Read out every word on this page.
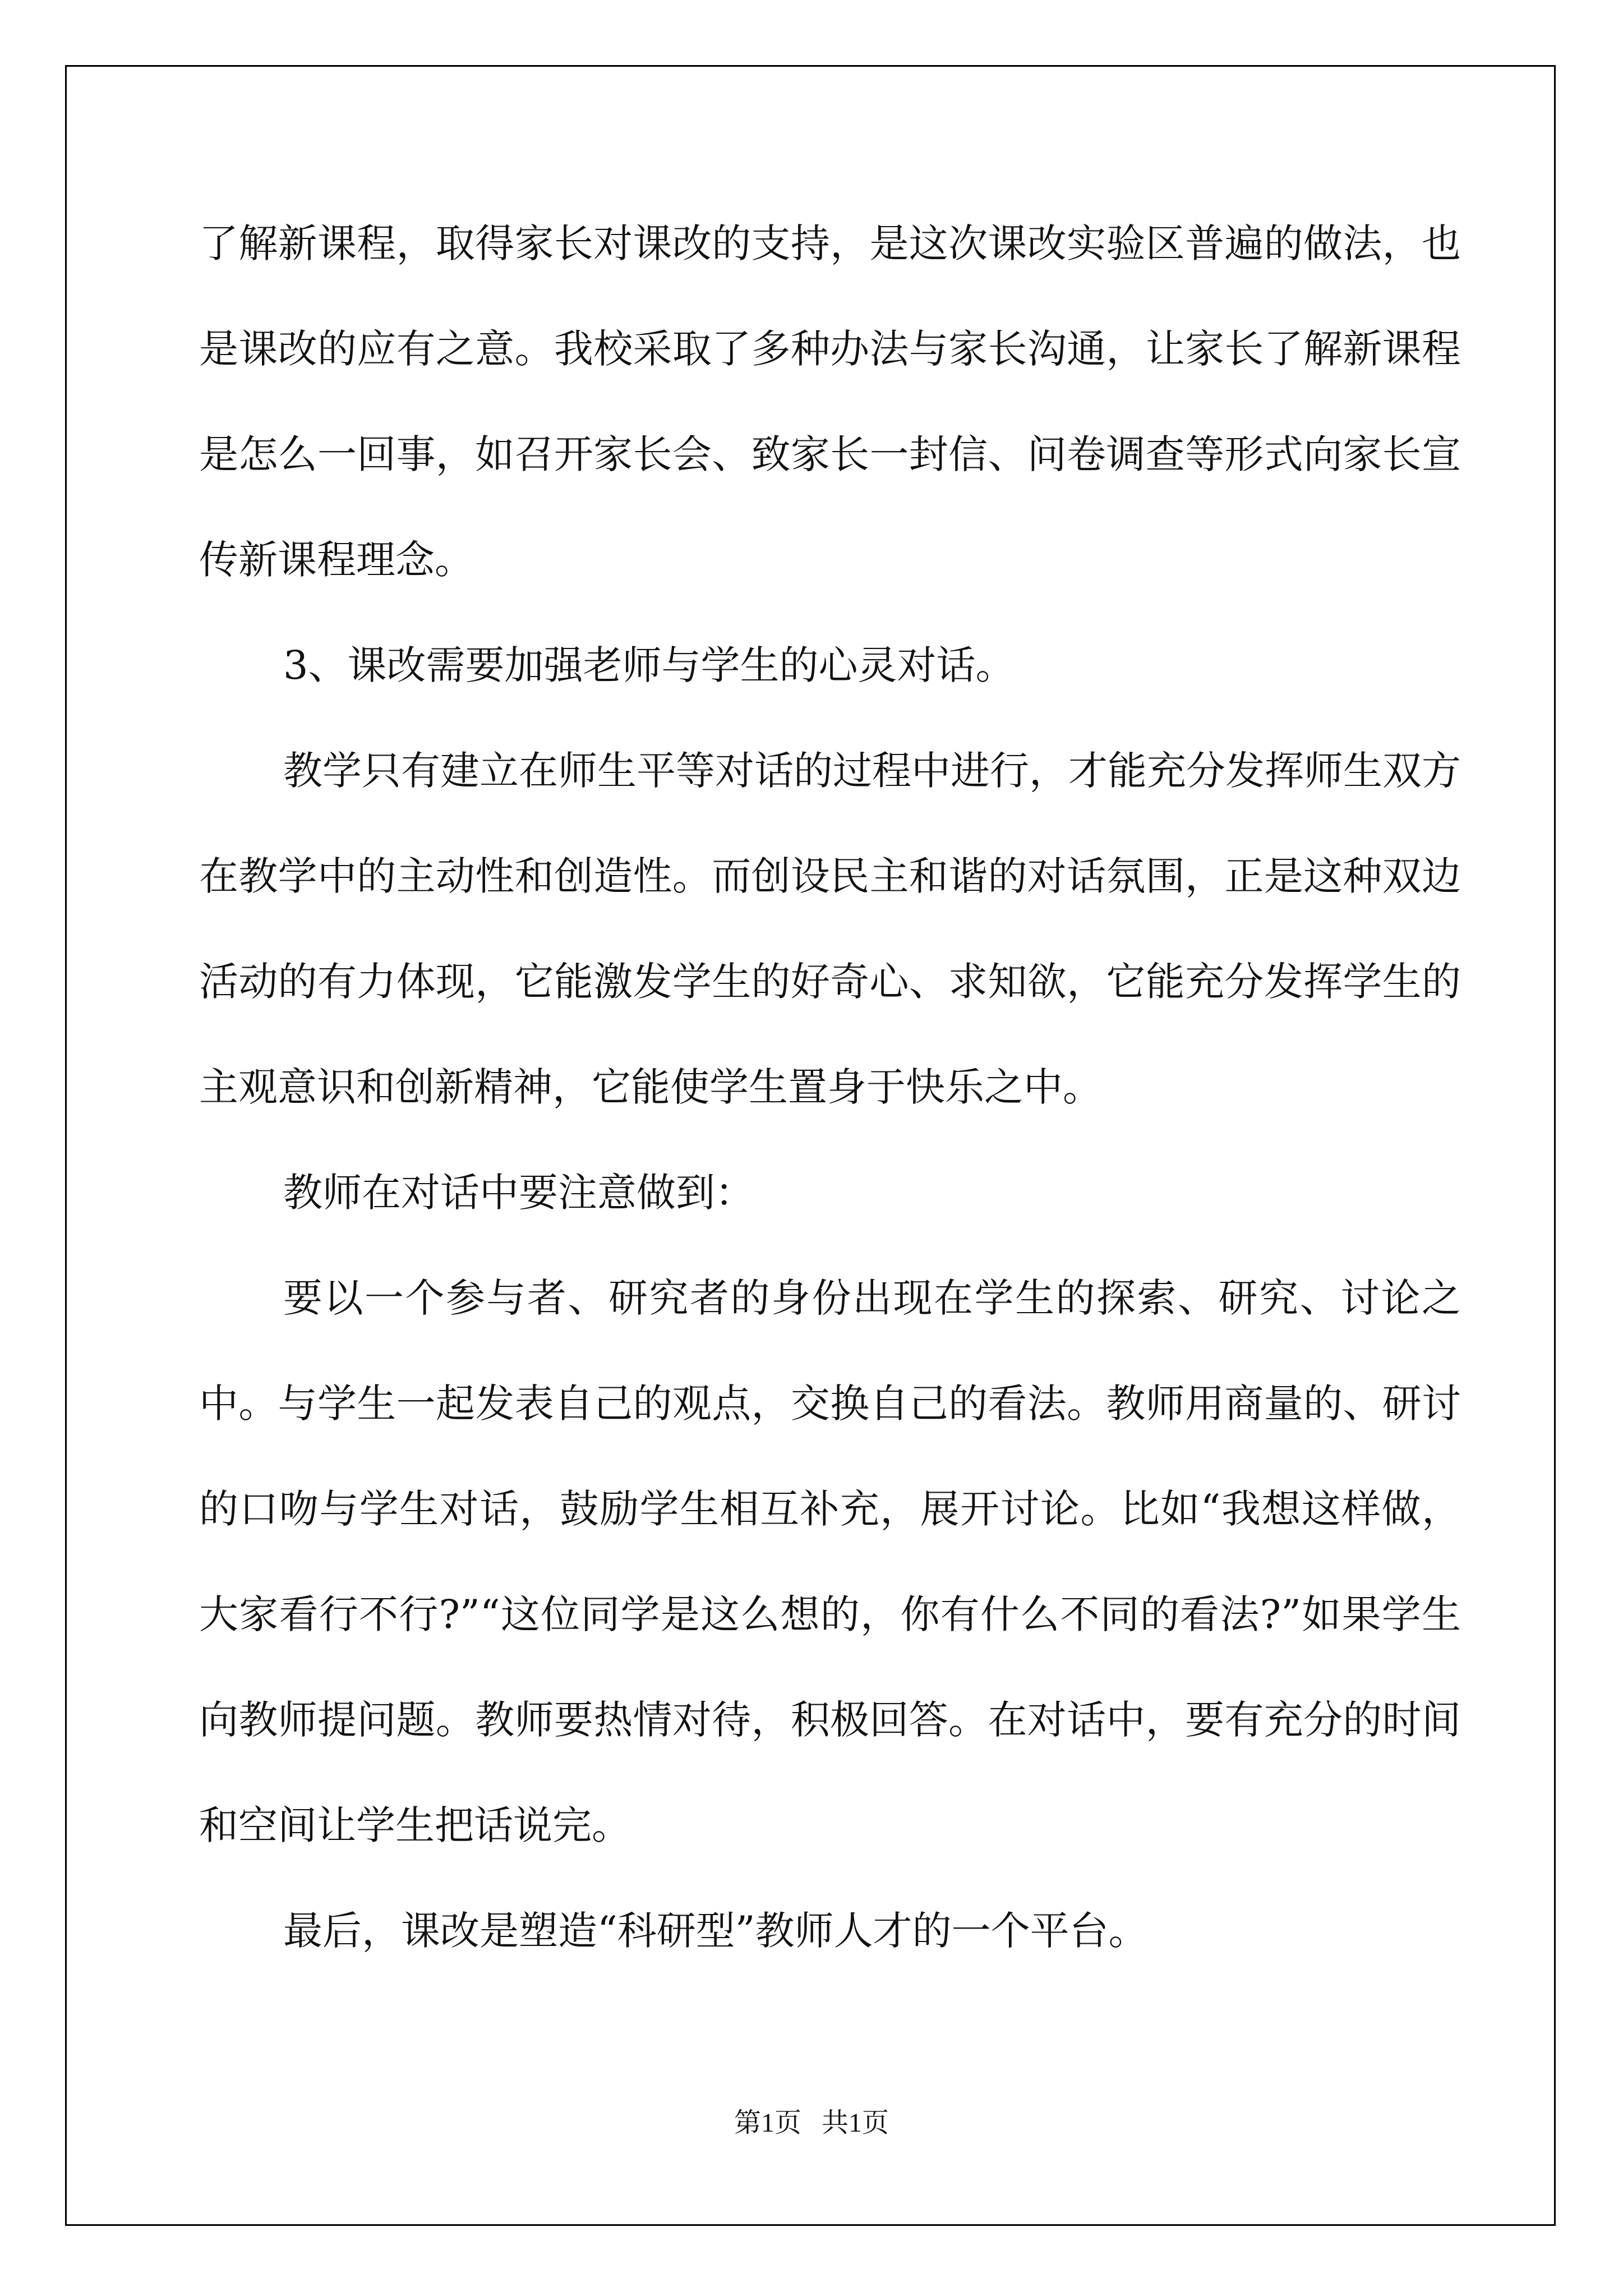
了解新课程，取得家长对课改的支持，是这次课改实验区普遍的做法，也是课改的应有之意。我校采取了多种办法与家长沟通，让家长了解新课程是怎么一回事，如召开家长会、致家长一封信、问卷调查等形式向家长宣传新课程理念。

3、课改需要加强老师与学生的心灵对话。

教学只有建立在师生平等对话的过程中进行，才能充分发挥师生双方在教学中的主动性和创造性。而创设民主和谐的对话氛围，正是这种双边活动的有力体现，它能激发学生的好奇心、求知欲，它能充分发挥学生的主观意识和创新精神，它能使学生置身于快乐之中。

教师在对话中要注意做到：

要以一个参与者、研究者的身份出现在学生的探索、研究、讨论之中。与学生一起发表自己的观点，交换自己的看法。教师用商量的、研讨的口吻与学生对话，鼓励学生相互补充，展开讨论。比如“我想这样做，大家看行不行?”“这位同学是这么想的，你有什么不同的看法?”如果学生向教师提问题。教师要热情对待，积极回答。在对话中，要有充分的时间和空间让学生把话说完。

最后，课改是塑造“科研型”教师人才的一个平台。

第1页   共1页
